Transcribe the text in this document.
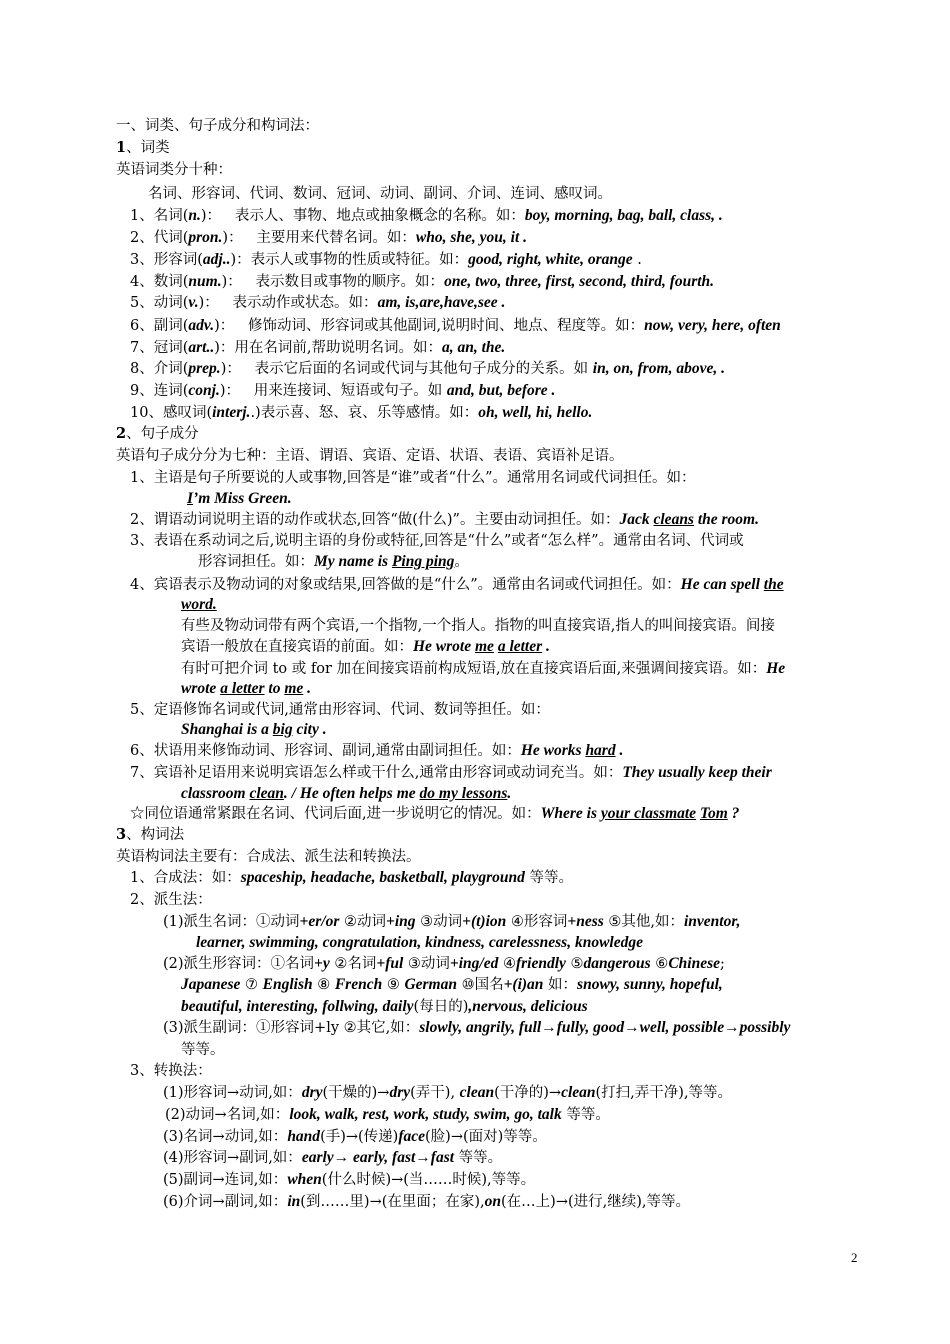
一、词类、句子成分和构词法：
1、词类
英语词类分十种：
名词、形容词、代词、数词、冠词、动词、副词、介词、连词、感叹词。
1、名词(n.)：   表示人、事物、地点或抽象概念的名称。如：boy, morning, bag, ball, class, .
2、代词(pron.)：   主要用来代替名词。如：who, she, you, it .
3、形容词(adj..)：表示人或事物的性质或特征。如：good, right, white, orange .
4、数词(num.)：   表示数目或事物的顺序。如：one, two, three, first, second, third, fourth.
5、动词(v.)：   表示动作或状态。如：am, is,are,have,see .
6、副词(adv.)：   修饰动词、形容词或其他副词,说明时间、地点、程度等。如：now, very, here, often
7、冠词(art..)：用在名词前,帮助说明名词。如：a, an, the.
8、介词(prep.)：   表示它后面的名词或代词与其他句子成分的关系。如 in, on, from, above, .
9、连词(conj.)：   用来连接词、短语或句子。如 and, but, before .
10、感叹词(interj..)表示喜、怒、哀、乐等感情。如：oh, well, hi, hello.
2、句子成分
英语句子成分分为七种：主语、谓语、宾语、定语、状语、表语、宾语补足语。
1、主语是句子所要说的人或事物,回答是“谁”或者“什么”。通常用名词或代词担任。如：
I’m Miss Green.
2、谓语动词说明主语的动作或状态,回答“做(什么)”。主要由动词担任。如：Jack cleans the room.
3、表语在系动词之后,说明主语的身份或特征,回答是“什么”或者“怎么样”。通常由名词、代词或
形容词担任。如：My name is Ping ping。
4、宾语表示及物动词的对象或结果,回答做的是“什么”。通常由名词或代词担任。如：He can spell the
word.
有些及物动词带有两个宾语,一个指物,一个指人。指物的叫直接宾语,指人的叫间接宾语。间接
宾语一般放在直接宾语的前面。如：He wrote me a letter .
有时可把介词 to 或 for 加在间接宾语前构成短语,放在直接宾语后面,来强调间接宾语。如：He
wrote a letter to me .
5、定语修饰名词或代词,通常由形容词、代词、数词等担任。如：
Shanghai is a big city .
6、状语用来修饰动词、形容词、副词,通常由副词担任。如：He works hard .
7、宾语补足语用来说明宾语怎么样或干什么,通常由形容词或动词充当。如：They usually keep their
classroom clean. / He often helps me do my lessons.
☆同位语通常紧跟在名词、代词后面,进一步说明它的情况。如：Where is your classmate Tom ?
3、构词法
英语构词法主要有：合成法、派生法和转换法。
1、合成法：如：spaceship, headache, basketball, playground 等等。
2、派生法：
(1)派生名词：①动词+er/or ②动词+ing ③动词+(t)ion ④形容词+ness ⑤其他,如：inventor,
learner, swimming, congratulation, kindness, carelessness, knowledge
(2)派生形容词：①名词+y ②名词+ful ③动词+ing/ed ④friendly ⑤dangerous ⑥Chinese;
Japanese ⑦ English ⑧ French ⑨ German ⑩国名+(i)an 如：snowy, sunny, hopeful,
beautiful, interesting, follwing, daily(每日的),nervous, delicious
(3)派生副词：①形容词+ly ②其它,如：slowly, angrily, full→fully, good→well, possible→possibly
等等。
3、转换法：
(1)形容词→动词,如：dry(干燥的)→dry(弄干), clean(干净的)→clean(打扫,弄干净),等等。
(2)动词→名词,如：look, walk, rest, work, study, swim, go, talk 等等。
(3)名词→动词,如：hand(手)→(传递)face(脸)→(面对)等等。
(4)形容词→副词,如：early→ early, fast→fast 等等。
(5)副词→连词,如：when(什么时候)→(当……时候),等等。
(6)介词→副词,如：in(到……里)→(在里面；在家),on(在…上)→(进行,继续),等等。
2
